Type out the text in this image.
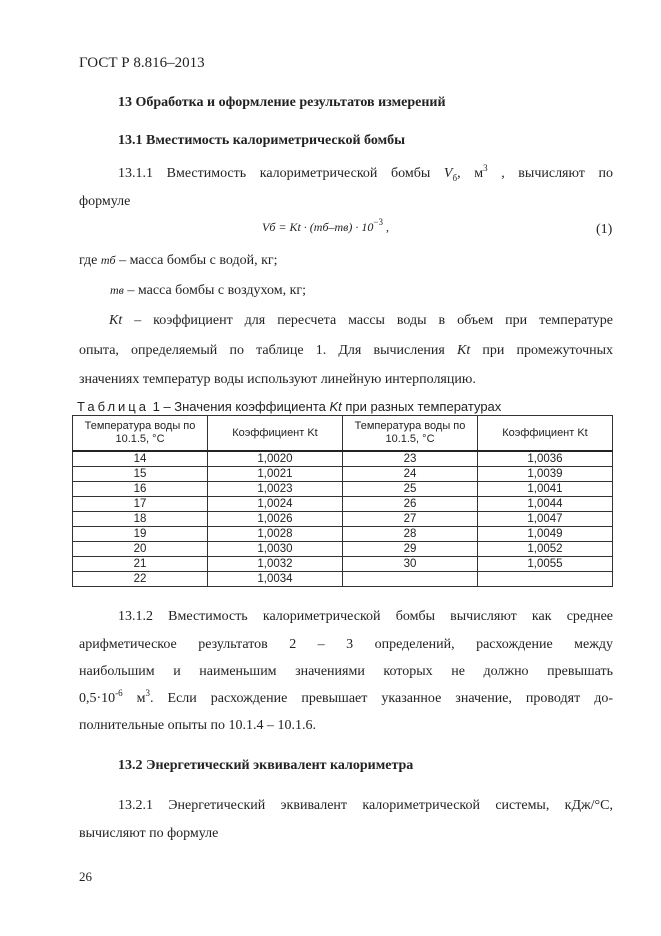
ГОСТ Р 8.816–2013
13 Обработка и оформление результатов измерений
13.1 Вместимость калориметрической бомбы
13.1.1 Вместимость калориметрической бомбы $V_б$, $м^3$ , вычисляют по
формуле
Vб = $Kt \cdot (mб-mв) \cdot 10^{-3}$ ,	(1)
где mб – масса бомбы с водой, кг;
mв – масса бомбы с воздухом, кг;
Kt – коэффициент для пересчета массы воды в объем при температуре
опыта, определяемый по таблице 1. Для вычисления Kt при промежуточных
значениях температур воды используют линейную интерполяцию.
Таблица 1 – Значения коэффициента Kt при разных температурах
Температура воды по 10.1.5, °С	Коэффициент Kt	Температура воды по 10.1.5, °С	Коэффициент Kt
14	1,0020	23	1,0036
15	1,0021	24	1,0039
16	1,0023	25	1,0041
17	1,0024	26	1,0044
18	1,0026	27	1,0047
19	1,0028	28	1,0049
20	1,0030	29	1,0052
21	1,0032	30	1,0055
22	1,0034		
13.1.2 Вместимость калориметрической бомбы вычисляют как среднее
арифметическое результатов 2 – 3 определений, расхождение между
наибольшим и наименьшим значениями которых не должно превышать
$0,5\cdot 10^{-6}$ $м^3$. Если расхождение превышает указанное значение, проводят до-
полнительные опыты по 10.1.4 – 10.1.6.
13.2 Энергетический эквивалент калориметра
13.2.1 Энергетический эквивалент калориметрической системы, кДж/°С,
вычисляют по формуле
26
